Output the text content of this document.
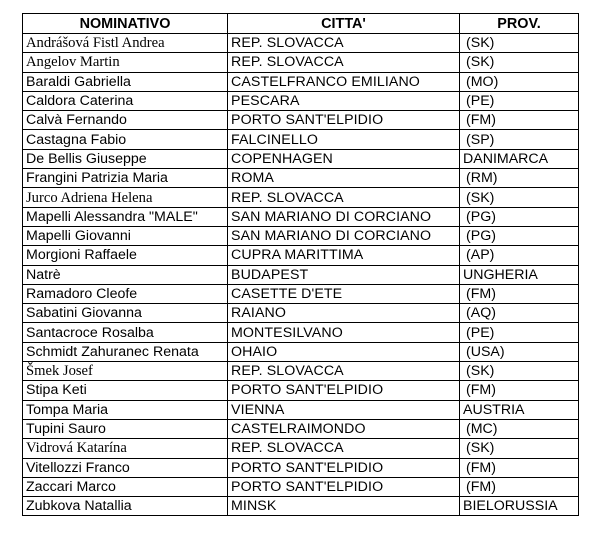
NOMINATIVO	CITTA'	PROV.
Andrášová Fistl Andrea	REP. SLOVACCA	(SK)
Angelov Martin	REP. SLOVACCA	(SK)
Baraldi Gabriella	CASTELFRANCO EMILIANO	(MO)
Caldora Caterina	PESCARA	(PE)
Calvà Fernando	PORTO SANT'ELPIDIO	(FM)
Castagna Fabio	FALCINELLO	(SP)
De Bellis Giuseppe	COPENHAGEN	DANIMARCA
Frangini Patrizia Maria	ROMA	(RM)
Jurco Adriena Helena	REP. SLOVACCA	(SK)
Mapelli Alessandra "MALE"	SAN MARIANO DI CORCIANO	(PG)
Mapelli Giovanni	SAN MARIANO DI CORCIANO	(PG)
Morgioni Raffaele	CUPRA MARITTIMA	(AP)
Natrè	BUDAPEST	UNGHERIA
Ramadoro Cleofe	CASETTE D'ETE	(FM)
Sabatini Giovanna	RAIANO	(AQ)
Santacroce Rosalba	MONTESILVANO	(PE)
Schmidt Zahuranec Renata	OHAIO	(USA)
Šmek Josef	REP. SLOVACCA	(SK)
Stipa Keti	PORTO SANT'ELPIDIO	(FM)
Tompa Maria	VIENNA	AUSTRIA
Tupini Sauro	CASTELRAIMONDO	(MC)
Vidrová Katarína	REP. SLOVACCA	(SK)
Vitellozzi Franco	PORTO SANT'ELPIDIO	(FM)
Zaccari Marco	PORTO SANT'ELPIDIO	(FM)
Zubkova Natallia	MINSK	BIELORUSSIA
